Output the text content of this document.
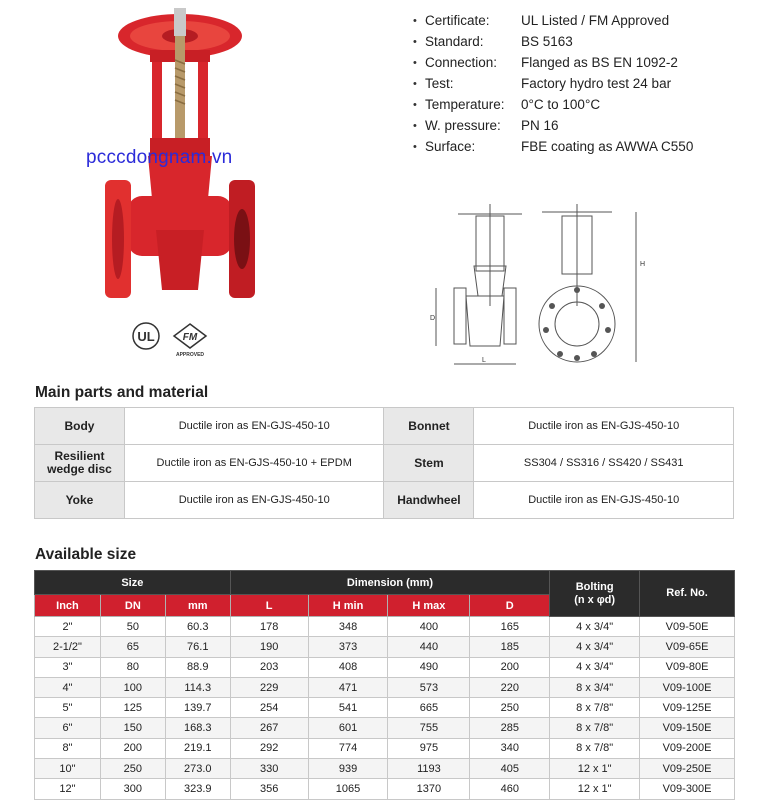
pcccdongnam.vn
UL	FM
APPROVED
• Certificate:	UL Listed / FM Approved
• Standard:	BS 5163
• Connection:	Flanged as BS EN 1092-2
• Test:	Factory hydro test 24 bar
• Temperature:	0°C to 100°C
• W. pressure:	PN 16
• Surface:	FBE coating as AWWA C550
D
L
H
Main parts and material
Body	Ductile iron as EN-GJS-450-10	Bonnet	Ductile iron as EN-GJS-450-10
Resilient
wedge disc	Ductile iron as EN-GJS-450-10 + EPDM	Stem	SS304 / SS316 / SS420 / SS431
Yoke	Ductile iron as EN-GJS-450-10	Handwheel	Ductile iron as EN-GJS-450-10
Available size
Size			Dimension (mm)				Bolting
(n x φd)	Ref. No.
Inch	DN	mm	L	H min	H max	D		
2"	50	60.3	178	348	400	165	4 x 3/4"	V09-50E
2-1/2"	65	76.1	190	373	440	185	4 x 3/4"	V09-65E
3"	80	88.9	203	408	490	200	4 x 3/4"	V09-80E
4"	100	114.3	229	471	573	220	8 x 3/4"	V09-100E
5"	125	139.7	254	541	665	250	8 x 7/8"	V09-125E
6"	150	168.3	267	601	755	285	8 x 7/8"	V09-150E
8"	200	219.1	292	774	975	340	8 x 7/8"	V09-200E
10"	250	273.0	330	939	1193	405	12 x 1"	V09-250E
12"	300	323.9	356	1065	1370	460	12 x 1"	V09-300E
